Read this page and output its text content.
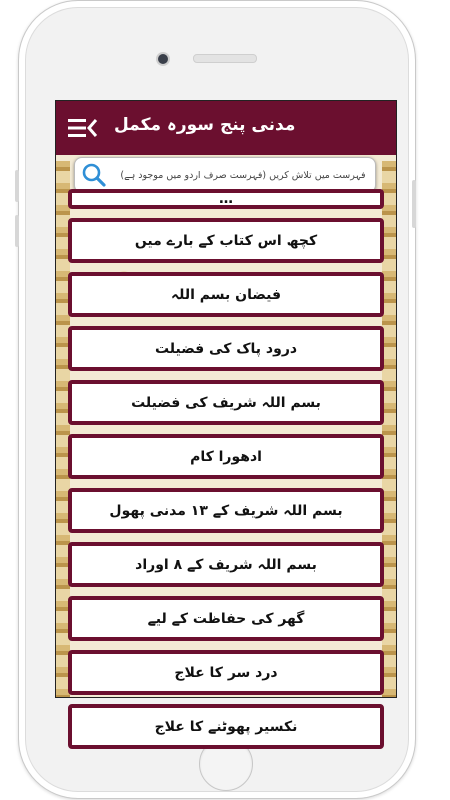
مدنی پنج سورہ مکمل
فہرست میں تلاش کریں (فہرست صرف اردو میں موجود ہے)
…
کچھ اس کتاب کے بارے میں
فیضان بسم اللہ
درود پاک کی فضیلت
بسم اللہ شریف کی فضیلت
ادھورا کام
بسم اللہ شریف کے ۱۳ مدنی پھول
بسم اللہ شریف کے ۸ اوراد
گھر کی حفاظت کے لیے
درد سر کا علاج
نکسیر پھوٹنے کا علاج
